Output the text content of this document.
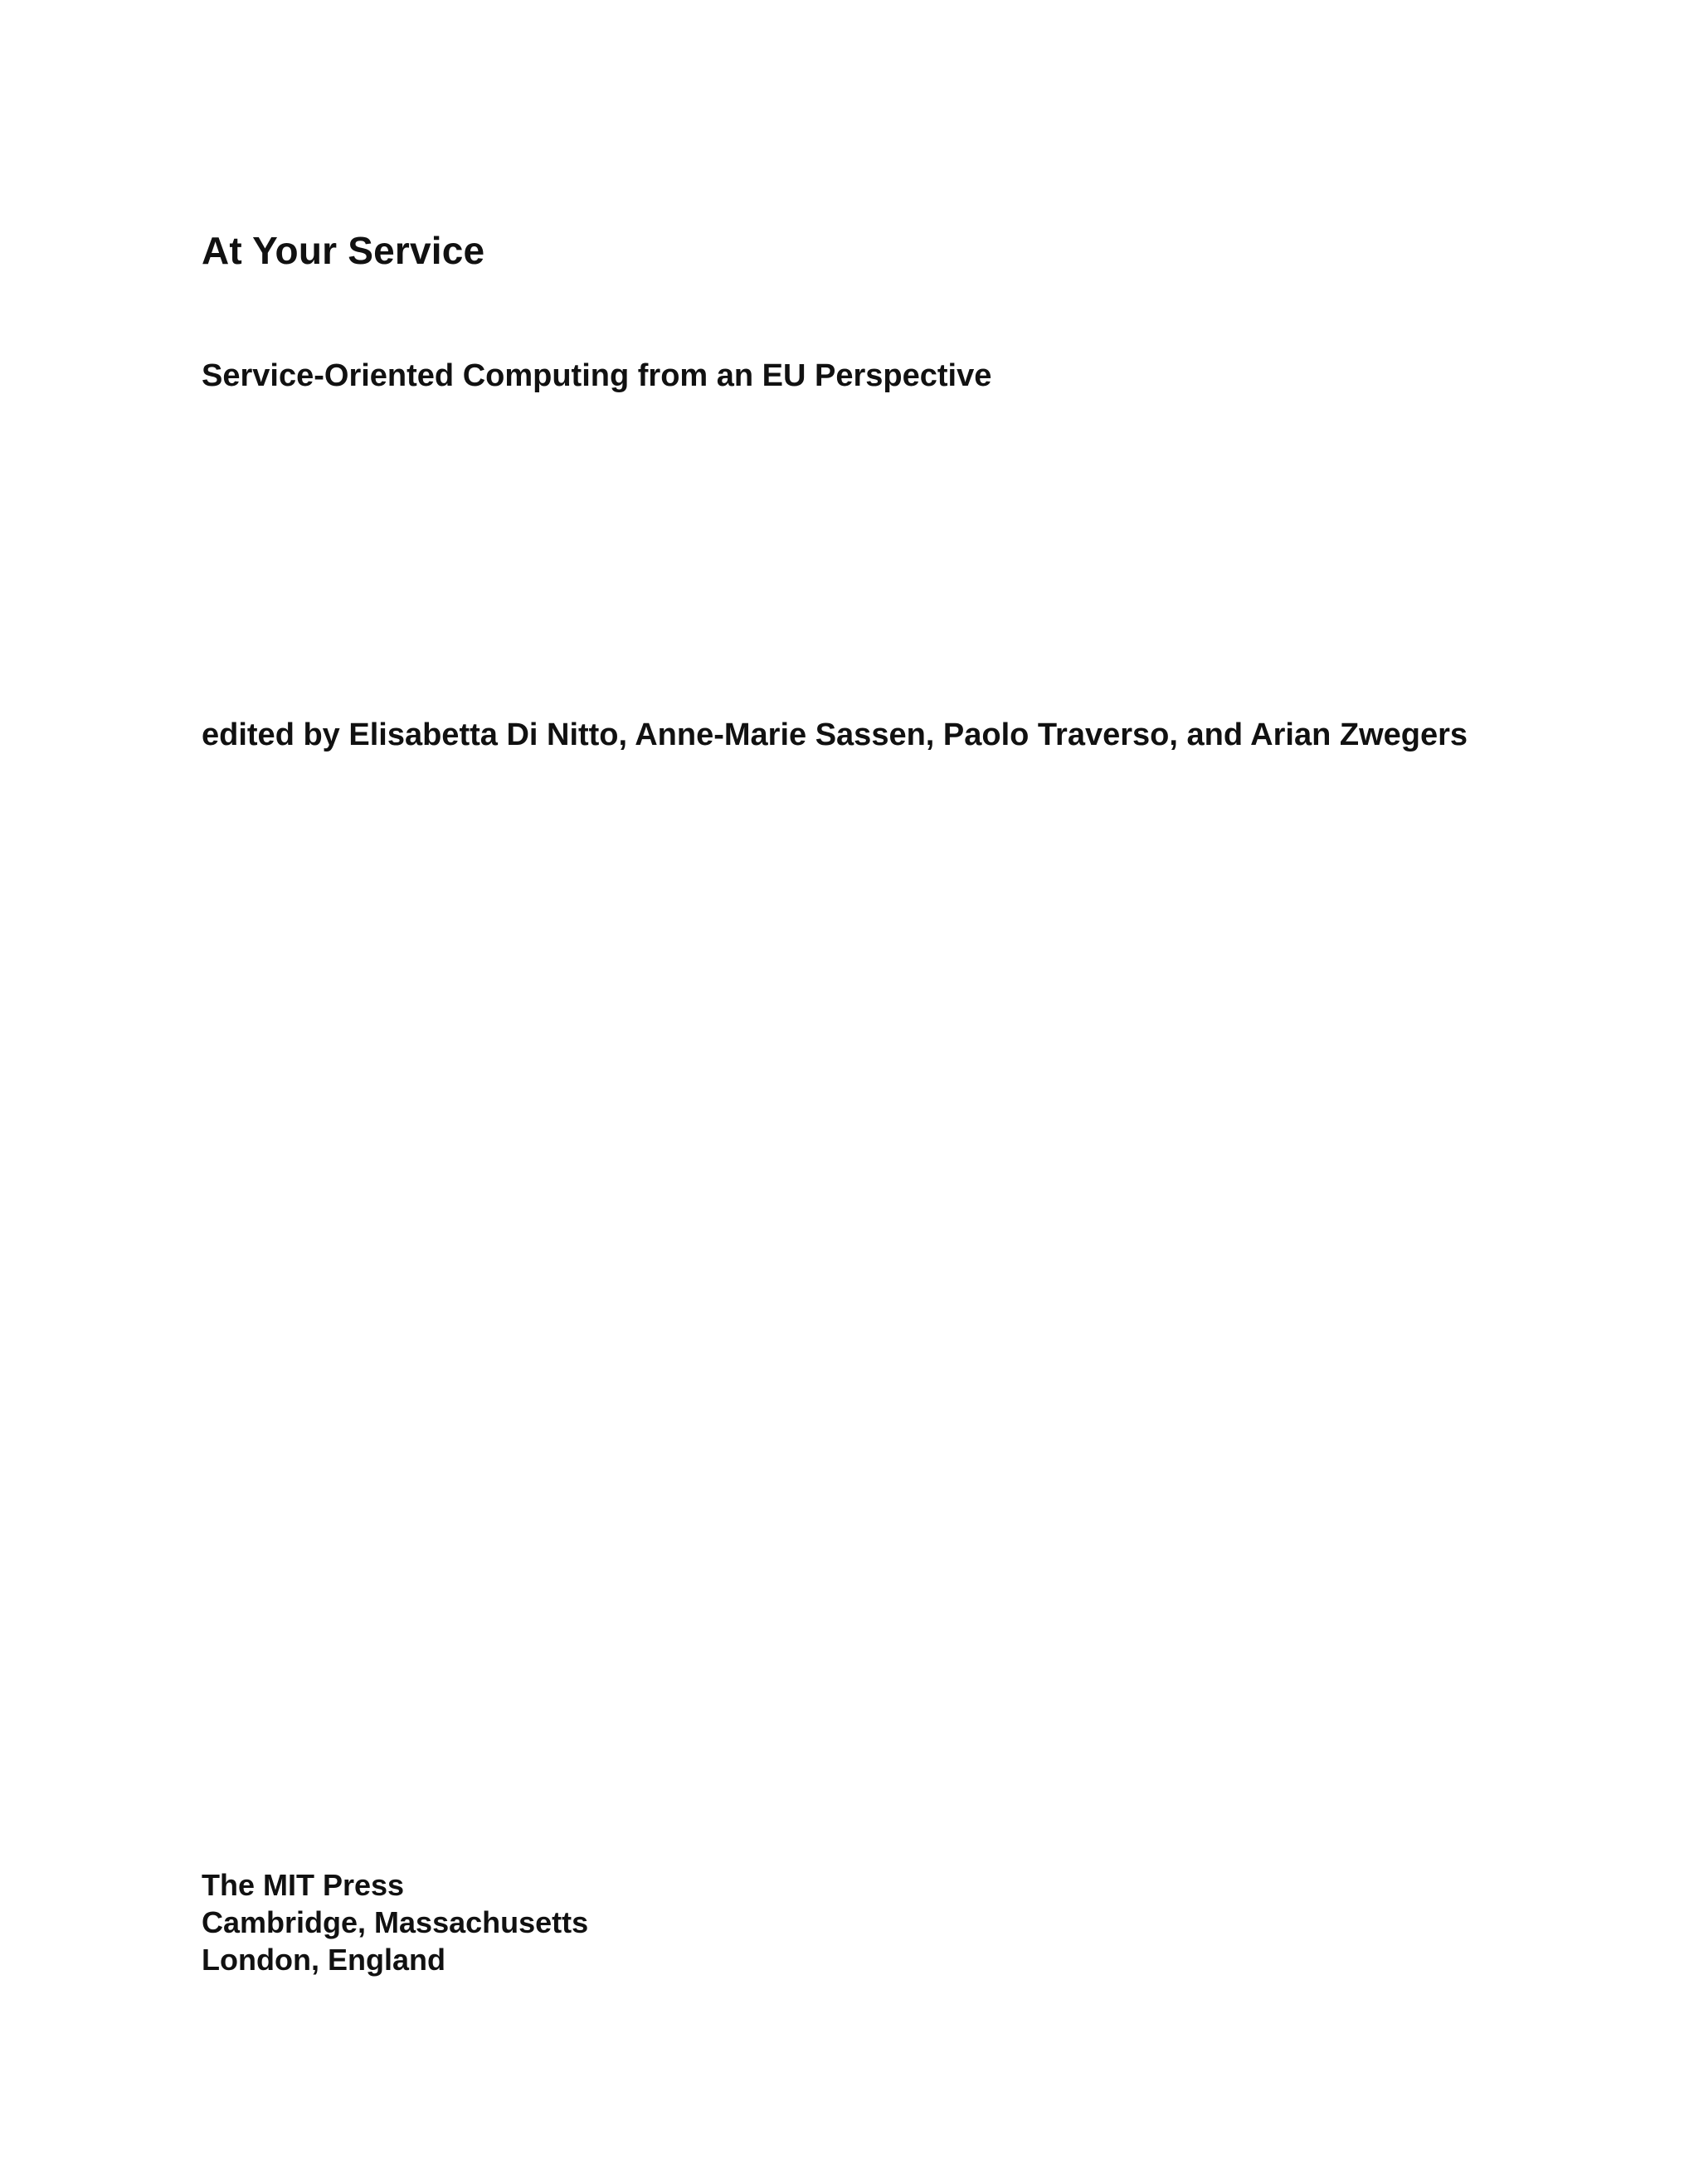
At Your Service
Service-Oriented Computing from an EU Perspective

edited by Elisabetta Di Nitto, Anne-Marie Sassen, Paolo Traverso, and Arian Zwegers

The MIT Press
Cambridge, Massachusetts
London, England
